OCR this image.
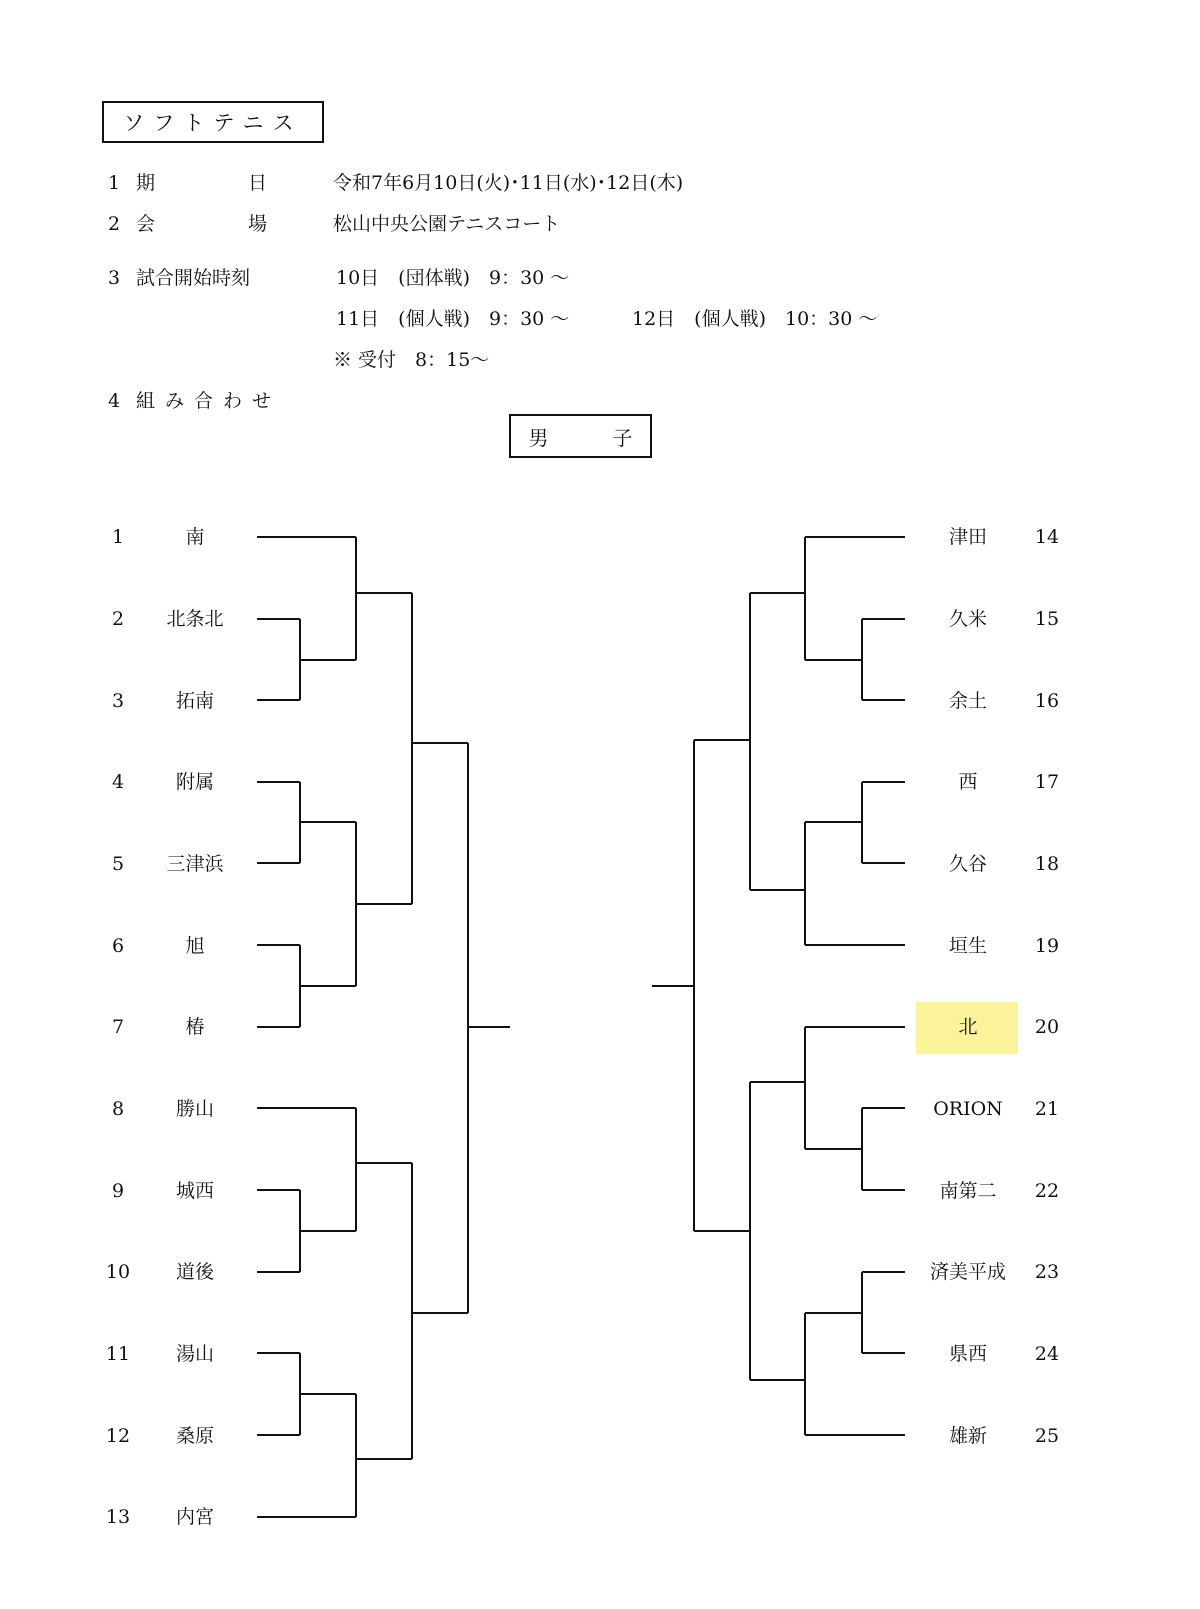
ソフトテニス
1 期	日	令和7年6月10日(火)･11日(水)･12日(木)
2 会	場	松山中央公園テニスコート
3 試合開始時刻	10日　(団体戦)　9：30 ～
11日　(個人戦)　9：30 ～	12日　(個人戦)　10：30 ～
※ 受付　8：15～
4 組み合わせ
男	子
1	南
2	北条北
3	拓南
4	附属
5	三津浜
6	旭
7	椿
8	勝山
9	城西
10	道後
11	湯山
12	桑原
13	内宮
津田	14
久米	15
余土	16
西	17
久谷	18
垣生	19
北	20
ORION	21
南第二	22
済美平成	23
県西	24
雄新	25
